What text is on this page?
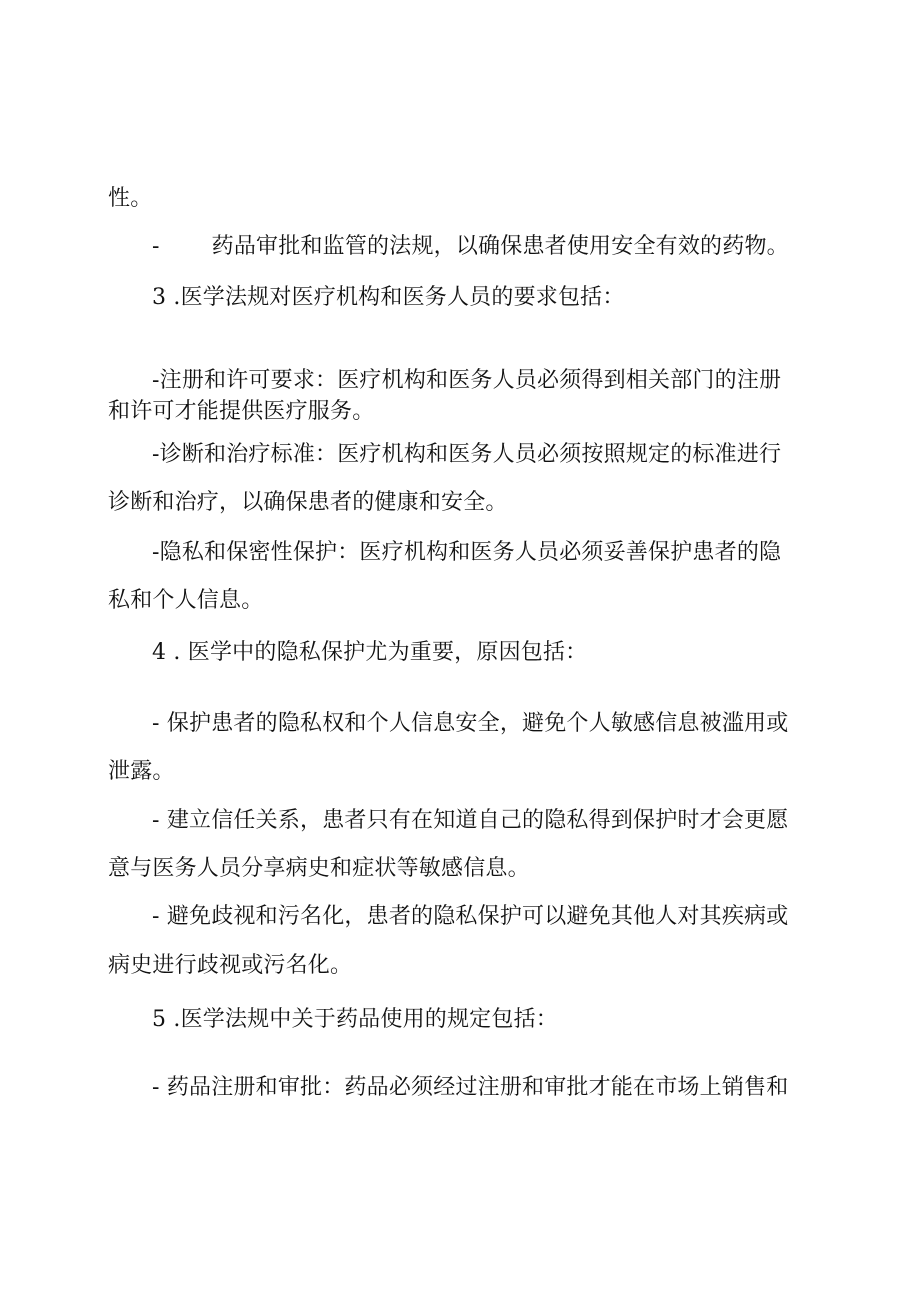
性。
- 药品审批和监管的法规，以确保患者使用安全有效的药物。
3 .医学法规对医疗机构和医务人员的要求包括：
-注册和许可要求：医疗机构和医务人员必须得到相关部门的注册
和许可才能提供医疗服务。
-诊断和治疗标准：医疗机构和医务人员必须按照规定的标准进行
诊断和治疗，以确保患者的健康和安全。
-隐私和保密性保护：医疗机构和医务人员必须妥善保护患者的隐
私和个人信息。
4 . 医学中的隐私保护尤为重要，原因包括：
- 保护患者的隐私权和个人信息安全，避免个人敏感信息被滥用或
泄露。
- 建立信任关系，患者只有在知道自己的隐私得到保护时才会更愿
意与医务人员分享病史和症状等敏感信息。
- 避免歧视和污名化，患者的隐私保护可以避免其他人对其疾病或
病史进行歧视或污名化。
5 .医学法规中关于药品使用的规定包括：
- 药品注册和审批：药品必须经过注册和审批才能在市场上销售和
